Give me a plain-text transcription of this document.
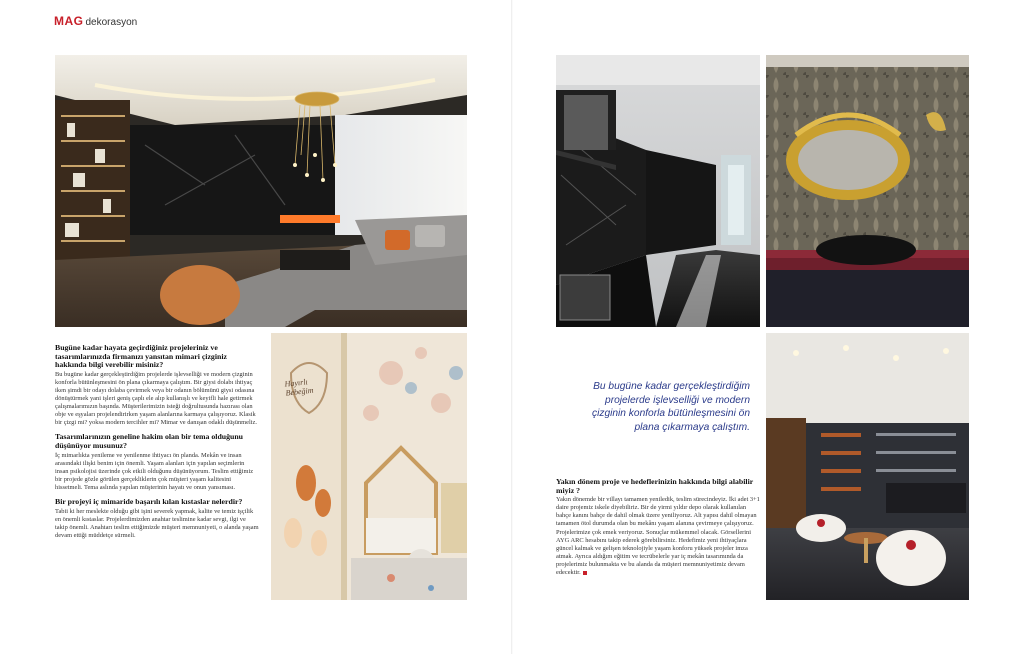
MAG dekorasyon
Hayırlı
Bebeğim
Bugüne kadar hayata geçirdiğiniz projeleriniz ve tasarımlarınızda firmanızı yansıtan mimari çizginiz hakkında bilgi verebilir misiniz?

Bu bugüne kadar gerçekleştirdiğim projelerde işlevselliği ve modern çizginin konforla bütünleşmesini ön plana çıkarmaya çalıştım. Bir giysi dolabı ihtiyaç iken şimdi bir odayı dolaba çevirmek veya bir odanın bölümünü giysi odasına dönüştürmek yani işleri geniş çaplı ele alıp kullanışlı ve keyifli hale getirmek çalışmalarımızın başında. Müşterilerimizin isteği doğrultusunda hazırası olan obje ve eşyaları projelendirirken yaşam alanlarına karmaya çalışıyoruz. Klasik bir çizgi mi? yoksa modern tercihler mi? Mimar ve danışan odaklı düşünmeliz.

Tasarımlarınızın geneline hakim olan bir tema olduğunu düşünüyor musunuz?

İç mimarlıkta yenileme ve yenilenme ihtiyacı ön planda. Mekân ve insan arasındaki ilişki benim için önemli. Yaşam alanları için yapılan seçimlerin insan psikolojisi üzerinde çok etkili olduğunu düşünüyorum. Teslim ettiğimiz bir projede gözle görülen gerçekliklerin çok müşteri yaşam kalitesini hissetmeli. Tema aslında yapılan müşterinin hayatı ve onun yansıması.

Bir projeyi iç mimaride başarılı kılan kıstaslar nelerdir?

Tabii ki her meslekte olduğu gibi işini severek yapmak, kalite ve temiz işçilik en önemli kıstaslar. Projelerdimizden anahtar teslimine kadar sevgi, ilgi ve takip önemli. Anahtarı teslim ettiğimizde müşteri memnuniyeti, o alanda yaşam devam ettiği müddetçe sürmeli.

Bu bugüne kadar gerçekleştirdiğim projelerde işlevselliği ve modern çizginin konforla bütünleşmesini ön plana çıkarmaya çalıştım.
Yakın dönem proje ve hedeflerinizin hakkında bilgi alabilir miyiz ?

Yakın dönemde bir villayı tamamen yeniledik, teslim sürecindeyiz. İki adet 3+1 daire projemiz iskele diyebiliriz. Bir de yirmi yıldır depo olarak kullanılan bahçe kanını bahçe de dahil olmak üzere yeniliyoruz. Alt yapısı dahil olmayan tamamen ötol durumda olan bu mekânı yaşam alanına çevirmeye çalışıyoruz. Projelerimize çok emek veriyoruz. Sonuçlar mükemmel olacak. Görsellerini AYG ARC hesabını takip ederek görebilirsiniz. Hedefimiz yeni ihtiyaçlara güncel kalmak ve gelişen teknolojiyle yaşam konforu yüksek projeler imza atmak. Ayrıca aldığım eğitim ve tecrübelerle yar iç mekân tasarımında da projelerimiz bulunmakta ve bu alanda da müşteri memnuniyetimiz devam edecektir.
